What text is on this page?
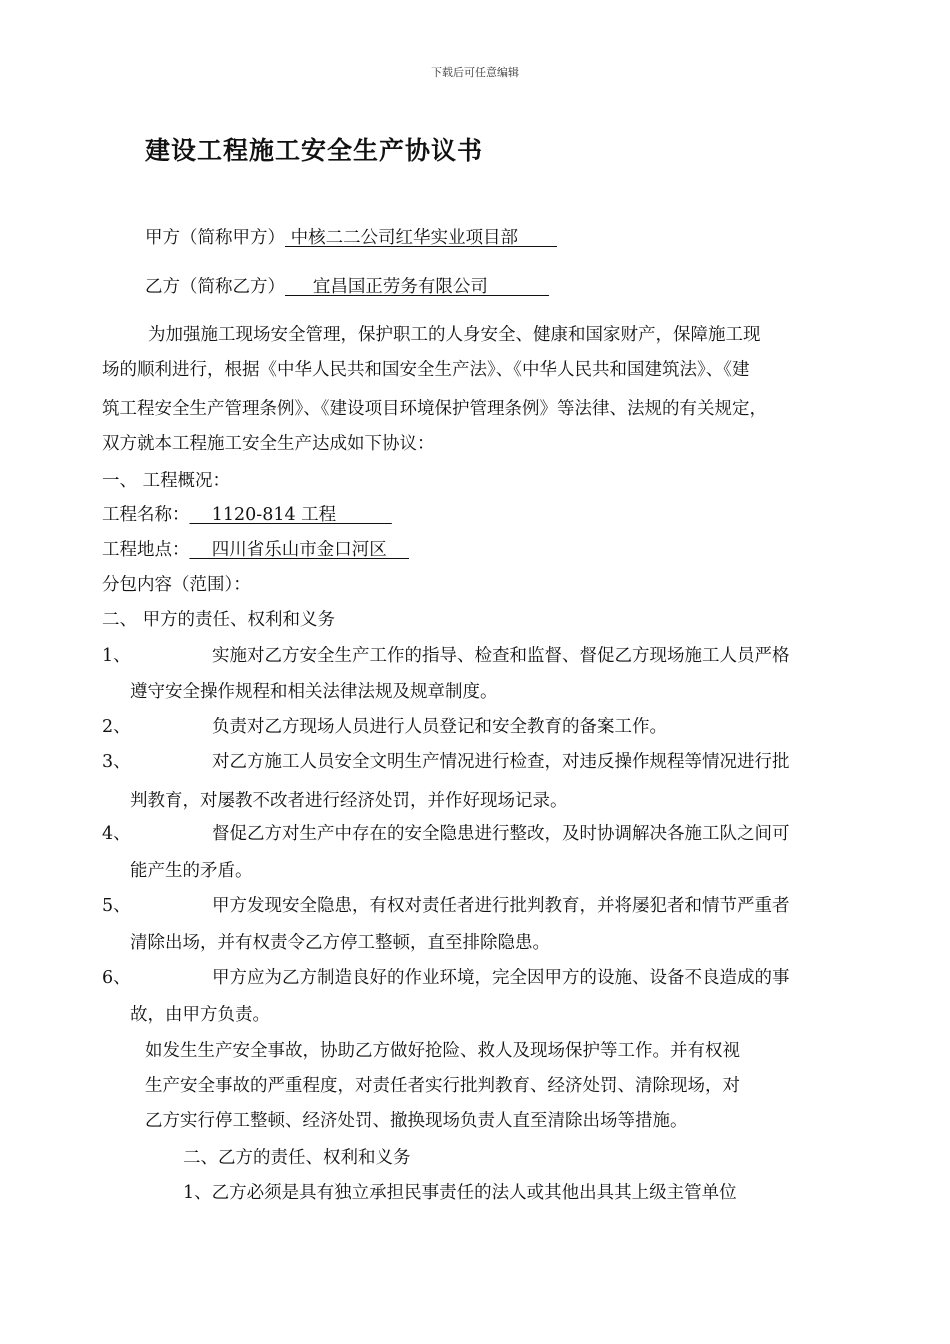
下载后可任意编辑
建设工程施工安全生产协议书
甲方（简称甲方） 中核二二公司红华实业项目部
乙方（简称乙方）     宜昌国正劳务有限公司
为加强施工现场安全管理，保护职工的人身安全、健康和国家财产，保障施工现
场的顺利进行，根据《中华人民共和国安全生产法》、《中华人民共和国建筑法》、《建
筑工程安全生产管理条例》、《建设项目环境保护管理条例》等法律、法规的有关规定，
双方就本工程施工安全生产达成如下协议：
一、 工程概况：
工程名称：    1120-814 工程
工程地点：    四川省乐山市金口河区
分包内容（范围）：
二、 甲方的责任、权利和义务
1、	实施对乙方安全生产工作的指导、检查和监督、督促乙方现场施工人员严格
遵守安全操作规程和相关法律法规及规章制度。
2、	负责对乙方现场人员进行人员登记和安全教育的备案工作。
3、	对乙方施工人员安全文明生产情况进行检查，对违反操作规程等情况进行批
判教育，对屡教不改者进行经济处罚，并作好现场记录。
4、	督促乙方对生产中存在的安全隐患进行整改，及时协调解决各施工队之间可
能产生的矛盾。
5、	甲方发现安全隐患，有权对责任者进行批判教育，并将屡犯者和情节严重者
清除出场，并有权责令乙方停工整顿，直至排除隐患。
6、	甲方应为乙方制造良好的作业环境，完全因甲方的设施、设备不良造成的事
故，由甲方负责。
如发生生产安全事故，协助乙方做好抢险、救人及现场保护等工作。并有权视
生产安全事故的严重程度，对责任者实行批判教育、经济处罚、清除现场，对
乙方实行停工整顿、经济处罚、撤换现场负责人直至清除出场等措施。
二、乙方的责任、权利和义务
1、乙方必须是具有独立承担民事责任的法人或其他出具其上级主管单位
